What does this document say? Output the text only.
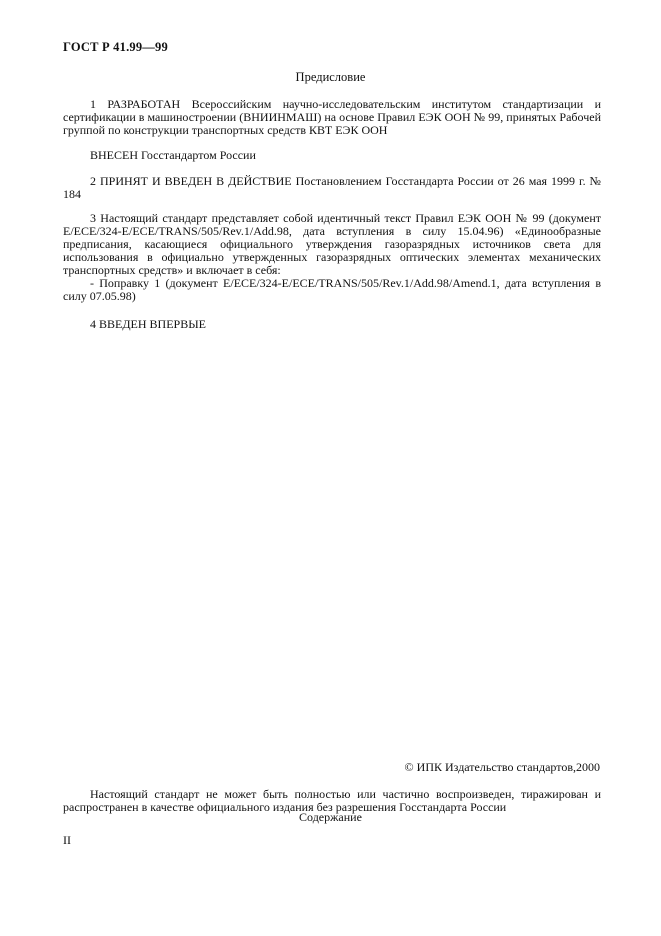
ГОСТ Р 41.99—99
Предисловие
1 РАЗРАБОТАН Всероссийским научно-исследовательским институтом стандартизации и сертификации в машиностроении (ВНИИНМАШ) на основе Правил ЕЭК ООН № 99, принятых Рабочей группой по конструкции транспортных средств КВТ ЕЭК ООН
ВНЕСЕН Госстандартом России
2 ПРИНЯТ И ВВЕДЕН В ДЕЙСТВИЕ Постановлением Госстандарта России от 26 мая 1999 г. № 184
3 Настоящий стандарт представляет собой идентичный текст Правил ЕЭК ООН № 99 (документ E/ECE/324-E/ECE/TRANS/505/Rev.1/Add.98, дата вступления в силу 15.04.96) «Единообразные предписания, касающиеся официального утверждения газоразрядных источников света для использования в официально утвержденных газоразрядных оптических элементах механических транспортных средств» и включает в себя:
- Поправку 1 (документ E/ECE/324-E/ECE/TRANS/505/Rev.1/Add.98/Amend.1, дата вступления в силу 07.05.98)
4 ВВЕДЕН ВПЕРВЫЕ
© ИПК Издательство стандартов,2000
Настоящий стандарт не может быть полностью или частично воспроизведен, тиражирован и распространен в качестве официального издания без разрешения Госстандарта России
Содержание
II
